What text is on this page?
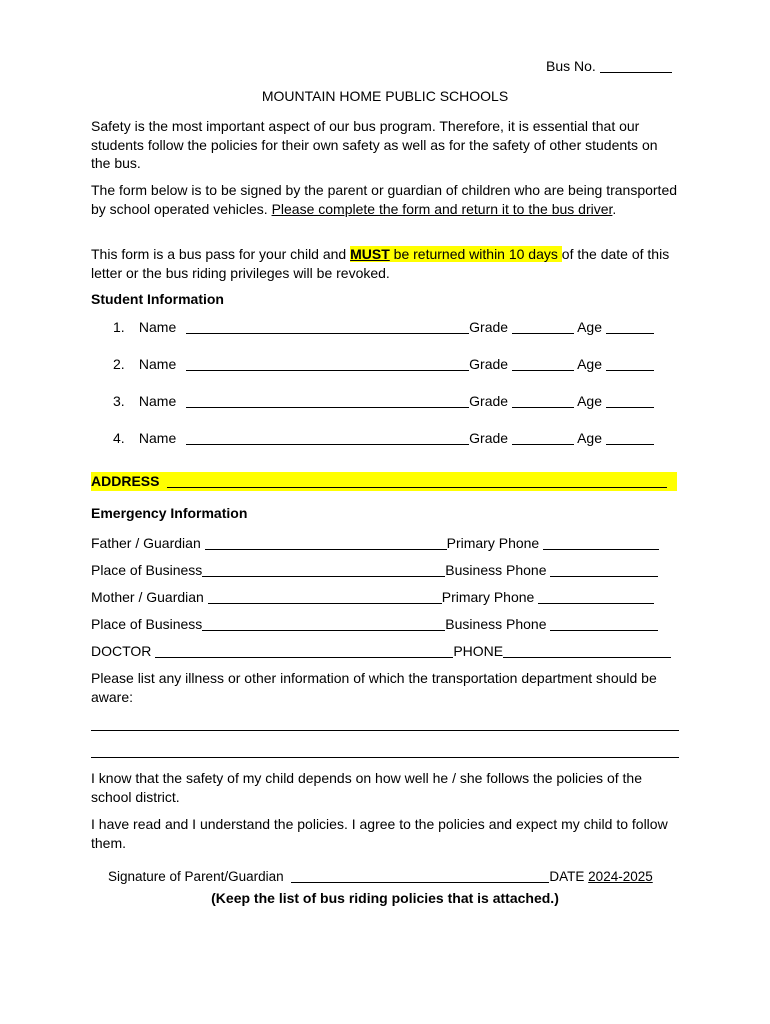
Bus No.
MOUNTAIN HOME PUBLIC SCHOOLS
Safety is the most important aspect of our bus program. Therefore, it is essential that our students follow the policies for their own safety as well as for the safety of other students on the bus.
The form below is to be signed by the parent or guardian of children who are being transported by school operated vehicles. Please complete the form and return it to the bus driver.
This form is a bus pass for your child and MUST be returned within 10 days of the date of this letter or the bus riding privileges will be revoked.
Student Information
1. Name	Grade	Age
2. Name	Grade	Age
3. Name	Grade	Age
4. Name	Grade	Age
ADDRESS
Emergency Information
Father / Guardian	Primary Phone
Place of Business	Business Phone
Mother / Guardian	Primary Phone
Place of Business	Business Phone
DOCTOR	PHONE
Please list any illness or other information of which the transportation department should be aware:
I know that the safety of my child depends on how well he / she follows the policies of the school district.
I have read and I understand the policies. I agree to the policies and expect my child to follow them.
Signature of Parent/Guardian	DATE 2024-2025
(Keep the list of bus riding policies that is attached.)
